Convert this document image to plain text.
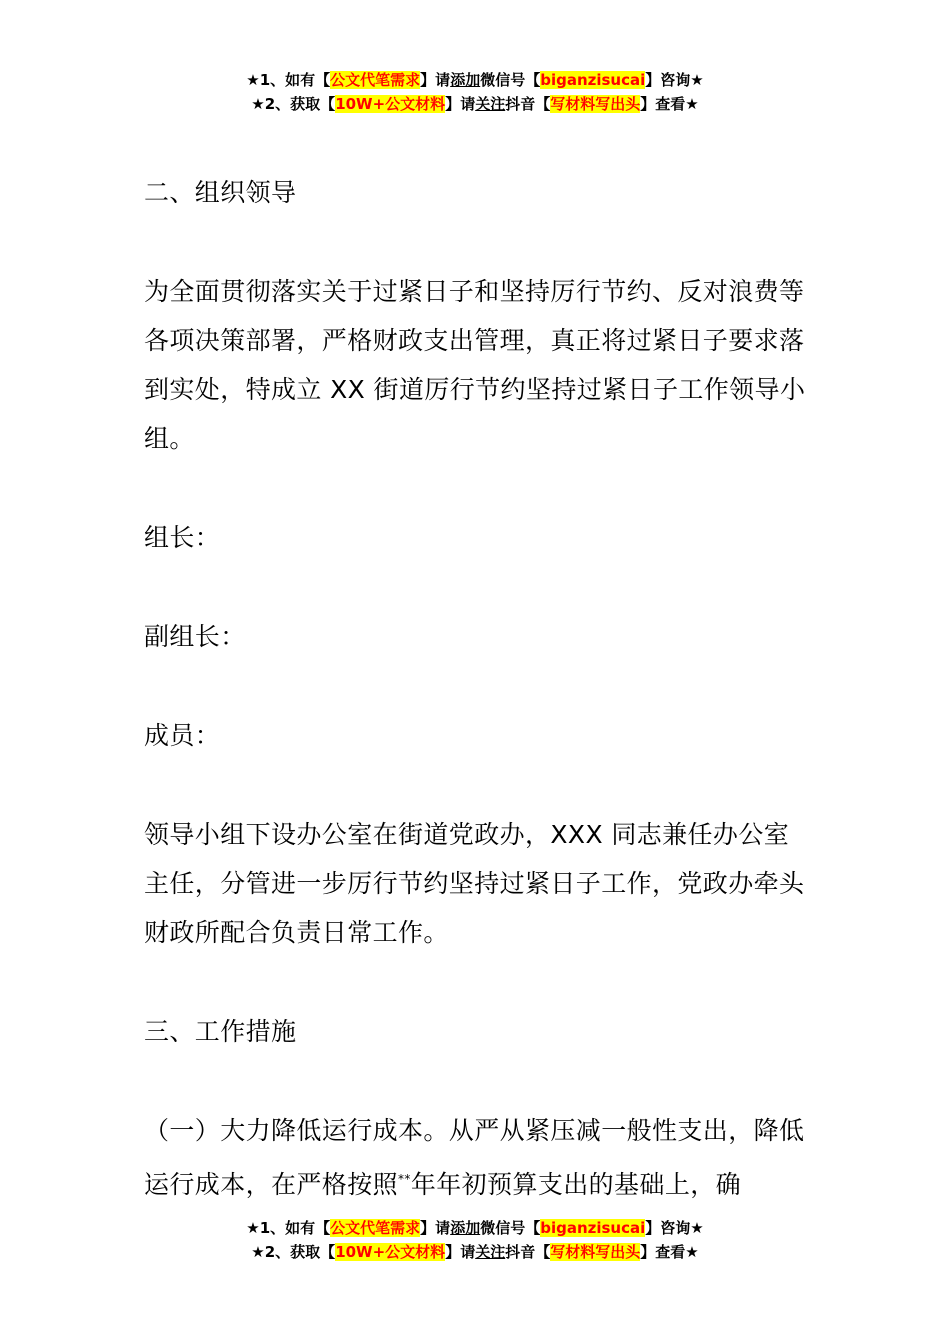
★1、如有【公文代笔需求】请添加微信号【biganzisucai】咨询★
★2、获取【10W+公文材料】请关注抖音【写材料写出头】查看★

二、组织领导

为全面贯彻落实关于过紧日子和坚持厉行节约、反对浪费等各项决策部署，严格财政支出管理，真正将过紧日子要求落到实处，特成立 XX 街道厉行节约坚持过紧日子工作领导小组。

组长：

副组长：

成员：

领导小组下设办公室在街道党政办，XXX 同志兼任办公室主任，分管进一步厉行节约坚持过紧日子工作，党政办牵头财政所配合负责日常工作。

三、工作措施

（一）大力降低运行成本。从严从紧压减一般性支出，降低运行成本，在严格按照**年年初预算支出的基础上，确

★1、如有【公文代笔需求】请添加微信号【biganzisucai】咨询★
★2、获取【10W+公文材料】请关注抖音【写材料写出头】查看★
